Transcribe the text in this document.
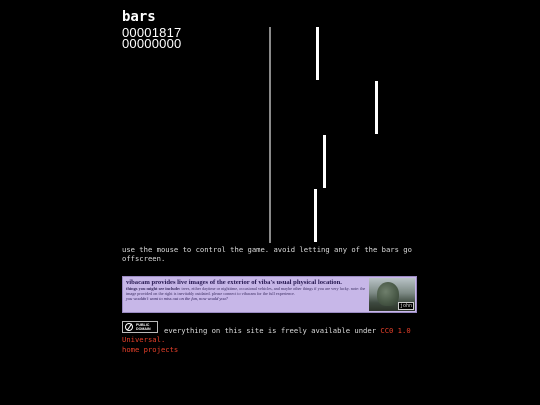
bars
00001817
00000000
use the mouse to control the game. avoid letting any of the bars go offscreen.
vibacam provides live images of the exterior of viba's usual physical location.
things you might see include: trees, either daytime or nighttime, occasional vehicles, and maybe other things if you are very lucky. note: the image provided on the right is inevitably outdated. please connect to vibacam for the full experience.
you wouldn't want to miss out on the fun, now would you?
john
PUBLIC
DOMAIN everything on this site is freely available under CC0 1.0
Universal.
home projects
